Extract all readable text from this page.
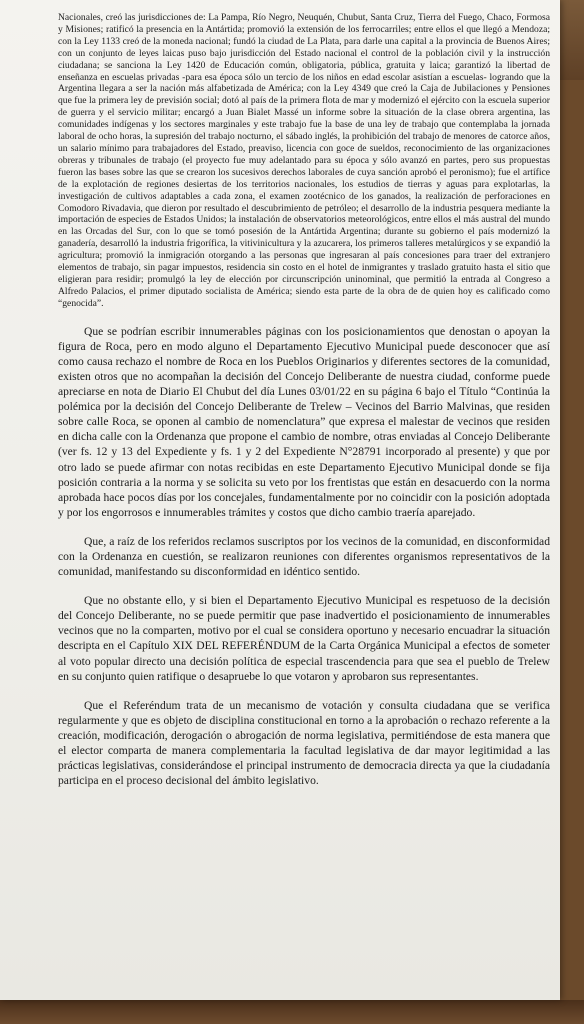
Nacionales, creó las jurisdicciones de: La Pampa, Río Negro, Neuquén, Chubut, Santa Cruz, Tierra del Fuego, Chaco, Formosa y Misiones; ratificó la presencia en la Antártida; promovió la extensión de los ferrocarriles; entre ellos el que llegó a Mendoza; con la Ley 1133 creó de la moneda nacional; fundó la ciudad de La Plata, para darle una capital a la provincia de Buenos Aires; con un conjunto de leyes laicas puso bajo jurisdicción del Estado nacional el control de la población civil y la instrucción ciudadana; se sanciona la Ley 1420 de Educación común, obligatoria, pública, gratuita y laica; garantizó la libertad de enseñanza en escuelas privadas -para esa época sólo un tercio de los niños en edad escolar asistían a escuelas- logrando que la Argentina llegara a ser la nación más alfabetizada de América; con la Ley 4349 que creó la Caja de Jubilaciones y Pensiones que fue la primera ley de previsión social; dotó al país de la primera flota de mar y modernizó el ejército con la escuela superior de guerra y el servicio militar; encargó a Juan Bialet Massé un informe sobre la situación de la clase obrera argentina, las comunidades indígenas y los sectores marginales y este trabajo fue la base de una ley de trabajo que contemplaba la jornada laboral de ocho horas, la supresión del trabajo nocturno, el sábado inglés, la prohibición del trabajo de menores de catorce años, un salario mínimo para trabajadores del Estado, preaviso, licencia con goce de sueldos, reconocimiento de las organizaciones obreras y tribunales de trabajo (el proyecto fue muy adelantado para su época y sólo avanzó en partes, pero sus propuestas fueron las bases sobre las que se crearon los sucesivos derechos laborales de cuya sanción aprobó el peronismo); fue el artífice de la explotación de regiones desiertas de los territorios nacionales, los estudios de tierras y aguas para explotarlas, la investigación de cultivos adaptables a cada zona, el examen zootécnico de los ganados, la realización de perforaciones en Comodoro Rivadavia, que dieron por resultado el descubrimiento de petróleo; el desarrollo de la industria pesquera mediante la importación de especies de Estados Unidos; la instalación de observatorios meteorológicos, entre ellos el más austral del mundo en las Orcadas del Sur, con lo que se tomó posesión de la Antártida Argentina; durante su gobierno el país modernizó la ganadería, desarrolló la industria frigorífica, la vitivinicultura y la azucarera, los primeros talleres metalúrgicos y se expandió la agricultura; promovió la inmigración otorgando a las personas que ingresaran al país concesiones para traer del extranjero elementos de trabajo, sin pagar impuestos, residencia sin costo en el hotel de inmigrantes y traslado gratuito hasta el sitio que eligieran para residir; promulgó la ley de elección por circunscripción uninominal, que permitió la entrada al Congreso a Alfredo Palacios, el primer diputado socialista de América; siendo esta parte de la obra de de quien hoy es calificado como “genocida”.

Que se podrían escribir innumerables páginas con los posicionamientos que denostan o apoyan la figura de Roca, pero en modo alguno el Departamento Ejecutivo Municipal puede desconocer que así como causa rechazo el nombre de Roca en los Pueblos Originarios y diferentes sectores de la comunidad, existen otros que no acompañan la decisión del Concejo Deliberante de nuestra ciudad, conforme puede apreciarse en nota de Diario El Chubut del día Lunes 03/01/22 en su página 6 bajo el Título “Continúa la polémica por la decisión del Concejo Deliberante de Trelew – Vecinos del Barrio Malvinas, que residen sobre calle Roca, se oponen al cambio de nomenclatura” que expresa el malestar de vecinos que residen en dicha calle con la Ordenanza que propone el cambio de nombre, otras enviadas al Concejo Deliberante (ver fs. 12 y 13 del Expediente y fs. 1 y 2 del Expediente N°28791 incorporado al presente) y que por otro lado se puede afirmar con notas recibidas en este Departamento Ejecutivo Municipal donde se fija posición contraria a la norma y se solicita su veto por los frentistas que están en desacuerdo con la norma aprobada hace pocos días por los concejales, fundamentalmente por no coincidir con la posición adoptada y por los engorrosos e innumerables trámites y costos que dicho cambio traería aparejado.

Que, a raíz de los referidos reclamos suscriptos por los vecinos de la comunidad, en disconformidad con la Ordenanza en cuestión, se realizaron reuniones con diferentes organismos representativos de la comunidad, manifestando su disconformidad en idéntico sentido.

Que no obstante ello, y si bien el Departamento Ejecutivo Municipal es respetuoso de la decisión del Concejo Deliberante, no se puede permitir que pase inadvertido el posicionamiento de innumerables vecinos que no la comparten, motivo por el cual se considera oportuno y necesario encuadrar la situación descripta en el Capítulo XIX DEL REFERÉNDUM de la Carta Orgánica Municipal a efectos de someter al voto popular directo una decisión política de especial trascendencia para que sea el pueblo de Trelew en su conjunto quien ratifique o desapruebe lo que votaron y aprobaron sus representantes.

Que el Referéndum trata de un mecanismo de votación y consulta ciudadana que se verifica regularmente y que es objeto de disciplina constitucional en torno a la aprobación o rechazo referente a la creación, modificación, derogación o abrogación de norma legislativa, permitiéndose de esta manera que el elector comparta de manera complementaria la facultad legislativa de dar mayor legitimidad a las prácticas legislativas, considerándose el principal instrumento de democracia directa ya que la ciudadanía participa en el proceso decisional del ámbito legislativo.
